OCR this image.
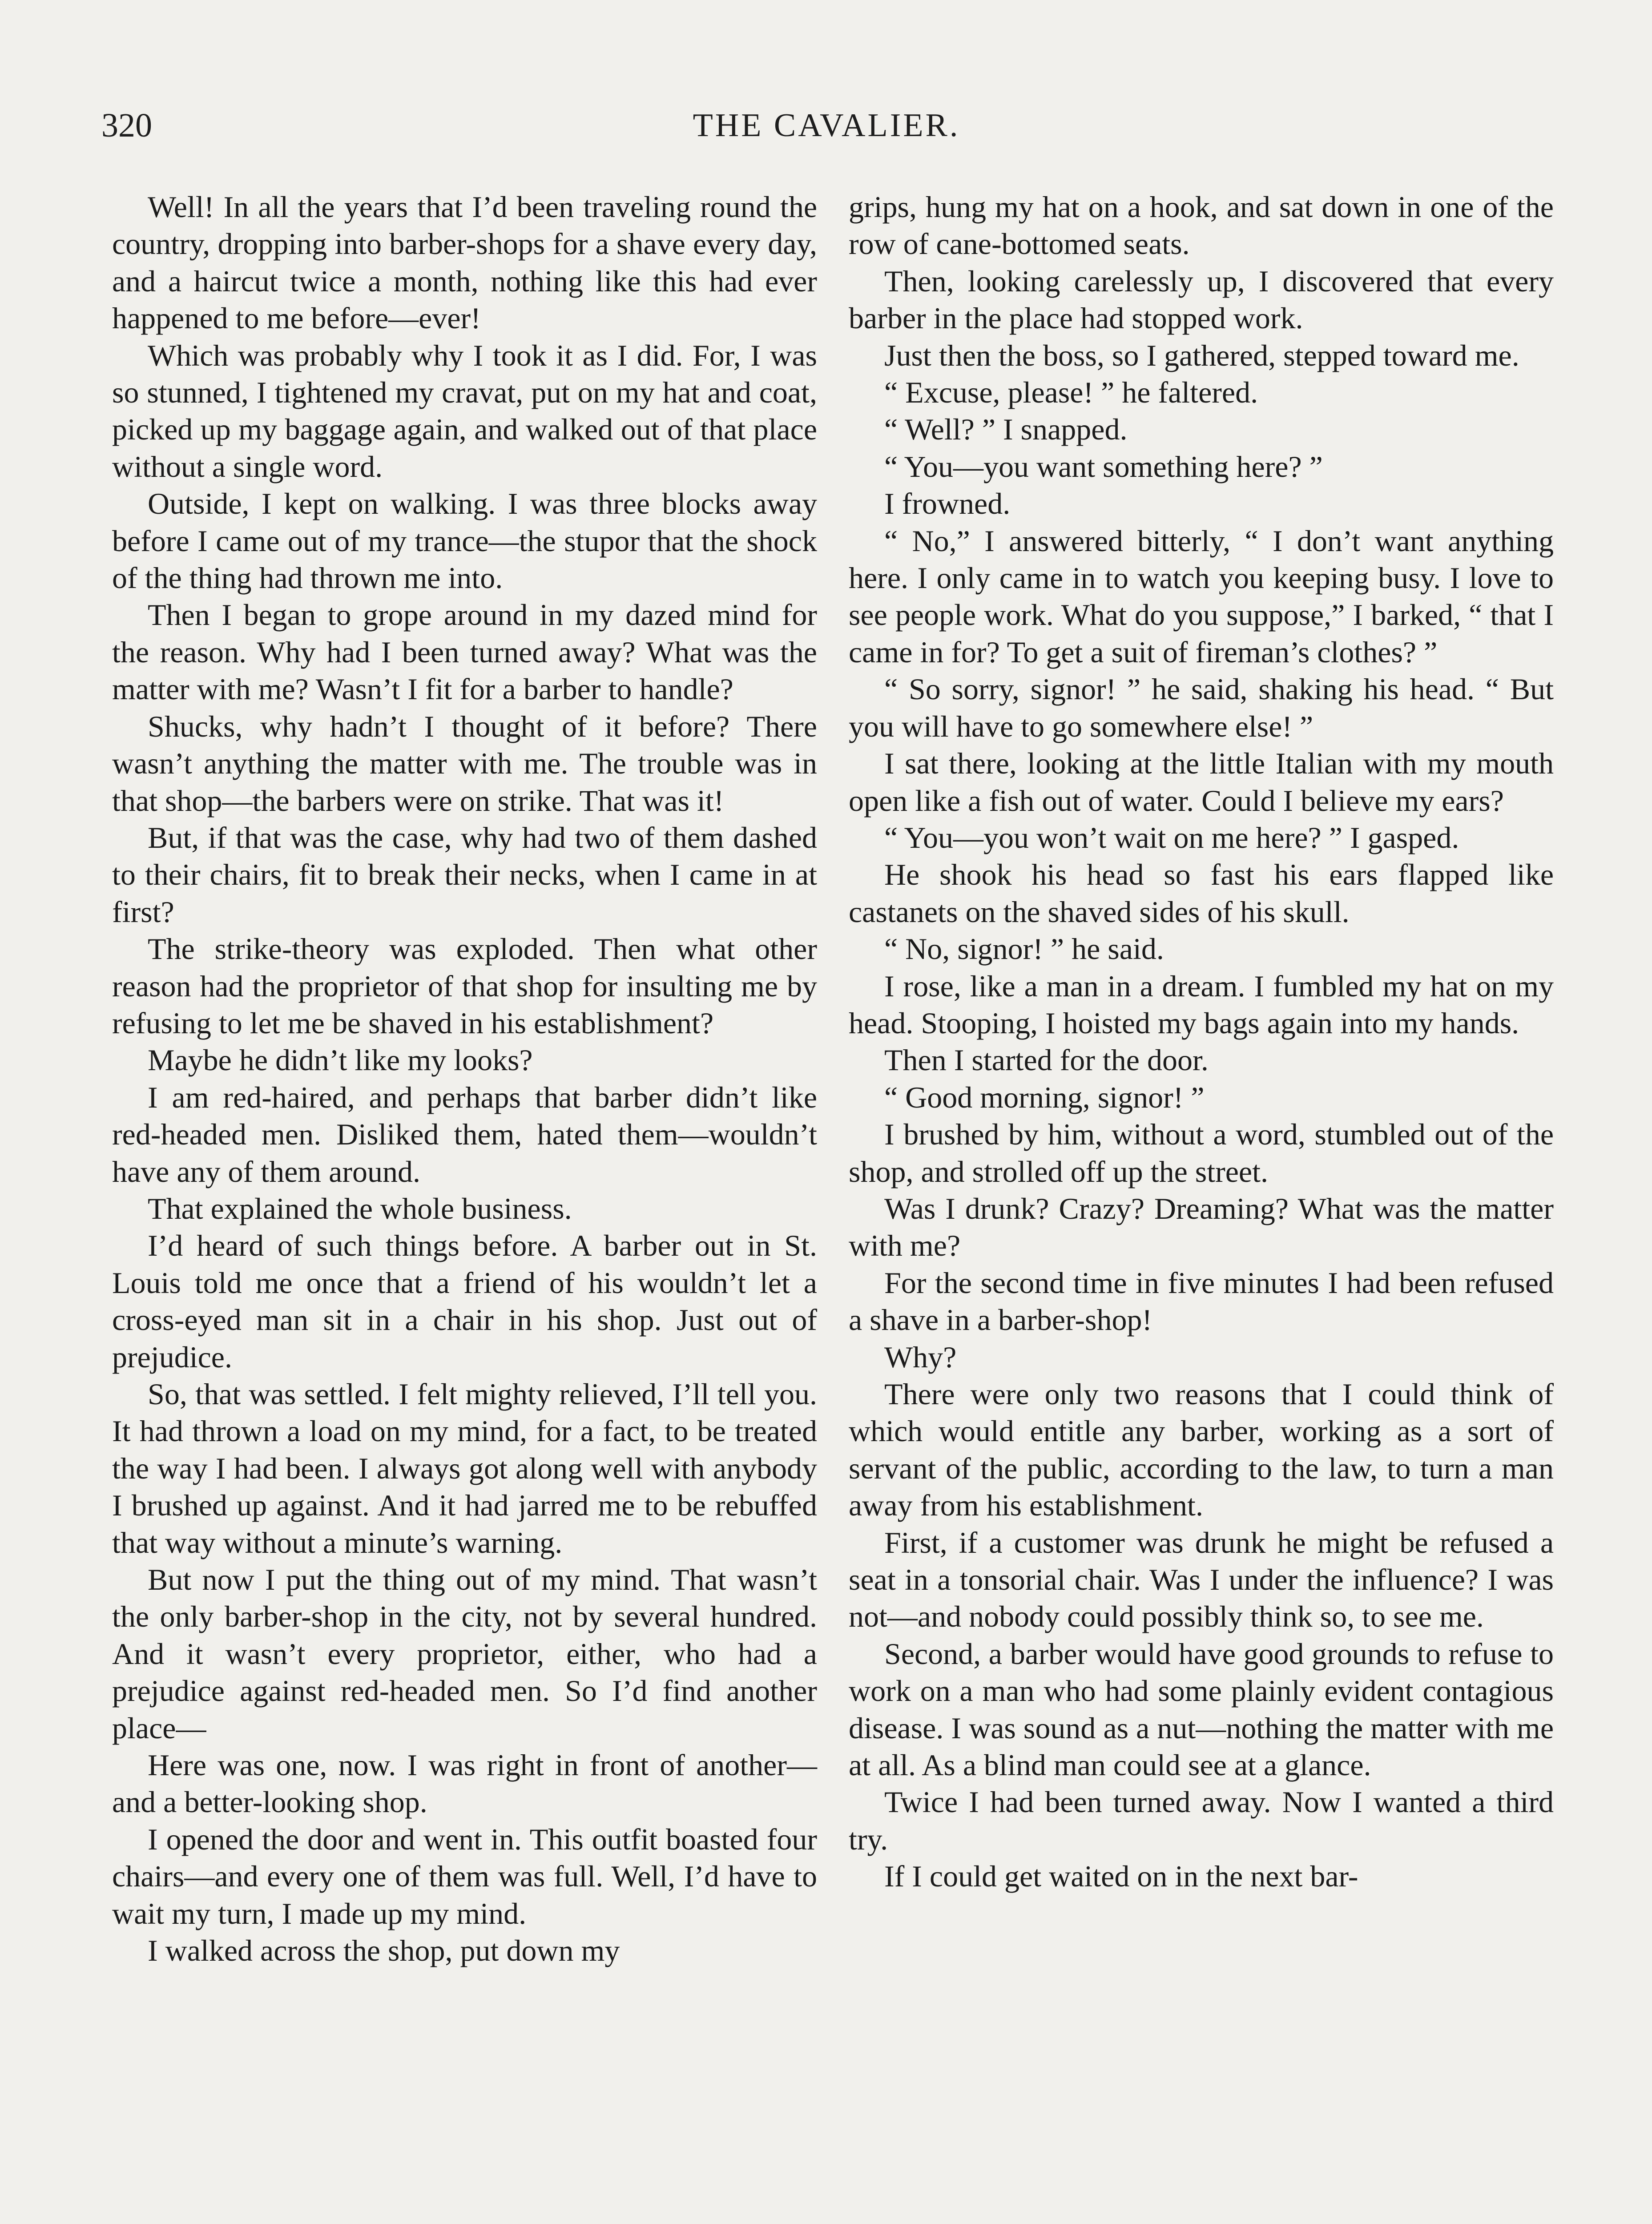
320	THE CAVALIER.

Well! In all the years that I’d been traveling round the country, dropping into barber-shops for a shave every day, and a haircut twice a month, nothing like this had ever happened to me before—ever!

Which was probably why I took it as I did. For, I was so stunned, I tightened my cravat, put on my hat and coat, picked up my baggage again, and walked out of that place without a single word.

Outside, I kept on walking. I was three blocks away before I came out of my trance—the stupor that the shock of the thing had thrown me into.

Then I began to grope around in my dazed mind for the reason. Why had I been turned away? What was the matter with me? Wasn’t I fit for a barber to handle?

Shucks, why hadn’t I thought of it before? There wasn’t anything the matter with me. The trouble was in that shop—the barbers were on strike. That was it!

But, if that was the case, why had two of them dashed to their chairs, fit to break their necks, when I came in at first?

The strike-theory was exploded. Then what other reason had the proprietor of that shop for insulting me by refusing to let me be shaved in his establishment?

Maybe he didn’t like my looks?

I am red-haired, and perhaps that barber didn’t like red-headed men. Disliked them, hated them—wouldn’t have any of them around.

That explained the whole business.

I’d heard of such things before. A barber out in St. Louis told me once that a friend of his wouldn’t let a cross-eyed man sit in a chair in his shop. Just out of prejudice.

So, that was settled. I felt mighty relieved, I’ll tell you. It had thrown a load on my mind, for a fact, to be treated the way I had been. I always got along well with anybody I brushed up against. And it had jarred me to be rebuffed that way without a minute’s warning.

But now I put the thing out of my mind. That wasn’t the only barber-shop in the city, not by several hundred. And it wasn’t every proprietor, either, who had a prejudice against red-headed men. So I’d find another place—

Here was one, now. I was right in front of another—and a better-looking shop.

I opened the door and went in. This outfit boasted four chairs—and every one of them was full. Well, I’d have to wait my turn, I made up my mind.

I walked across the shop, put down my

grips, hung my hat on a hook, and sat down in one of the row of cane-bottomed seats.

Then, looking carelessly up, I discovered that every barber in the place had stopped work.

Just then the boss, so I gathered, stepped toward me.

“ Excuse, please! ” he faltered.

“ Well? ” I snapped.

“ You—you want something here? ”

I frowned.

“ No,” I answered bitterly, “ I don’t want anything here. I only came in to watch you keeping busy. I love to see people work. What do you suppose,” I barked, “ that I came in for? To get a suit of fireman’s clothes? ”

“ So sorry, signor! ” he said, shaking his head. “ But you will have to go somewhere else! ”

I sat there, looking at the little Italian with my mouth open like a fish out of water. Could I believe my ears?

“ You—you won’t wait on me here? ” I gasped.

He shook his head so fast his ears flapped like castanets on the shaved sides of his skull.

“ No, signor! ” he said.

I rose, like a man in a dream. I fumbled my hat on my head. Stooping, I hoisted my bags again into my hands.

Then I started for the door.

“ Good morning, signor! ”

I brushed by him, without a word, stumbled out of the shop, and strolled off up the street.

Was I drunk? Crazy? Dreaming? What was the matter with me?

For the second time in five minutes I had been refused a shave in a barber-shop!

Why?

There were only two reasons that I could think of which would entitle any barber, working as a sort of servant of the public, according to the law, to turn a man away from his establishment.

First, if a customer was drunk he might be refused a seat in a tonsorial chair. Was I under the influence? I was not—and nobody could possibly think so, to see me.

Second, a barber would have good grounds to refuse to work on a man who had some plainly evident contagious disease. I was sound as a nut—nothing the matter with me at all. As a blind man could see at a glance.

Twice I had been turned away. Now I wanted a third try.

If I could get waited on in the next bar-
